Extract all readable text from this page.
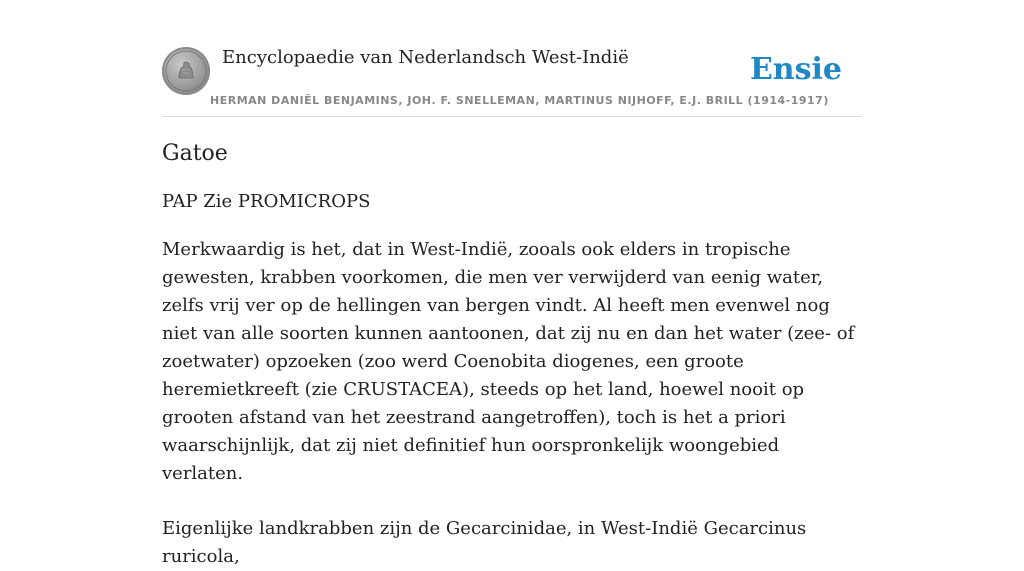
Encyclopaedie van Nederlandsch West-Indië	Ensie
HERMAN DANIËL BENJAMINS, JOH. F. SNELLEMAN, MARTINUS NIJHOFF, E.J. BRILL (1914-1917)
Gatoe

PAP Zie PROMICROPS

Merkwaardig is het, dat in West-Indië, zooals ook elders in tropische gewesten, krabben voorkomen, die men ver verwijderd van eenig water, zelfs vrij ver op de hellingen van bergen vindt. Al heeft men evenwel nog niet van alle soorten kunnen aantoonen, dat zij nu en dan het water (zee- of zoetwater) opzoeken (zoo werd Coenobita diogenes, een groote heremietkreeft (zie CRUSTACEA), steeds op het land, hoewel nooit op grooten afstand van het zeestrand aangetroffen), toch is het a priori waarschijnlijk, dat zij niet definitief hun oorspronkelijk woongebied verlaten.

Eigenlijke landkrabben zijn de Gecarcinidae, in West-Indië Gecarcinus ruricola,
